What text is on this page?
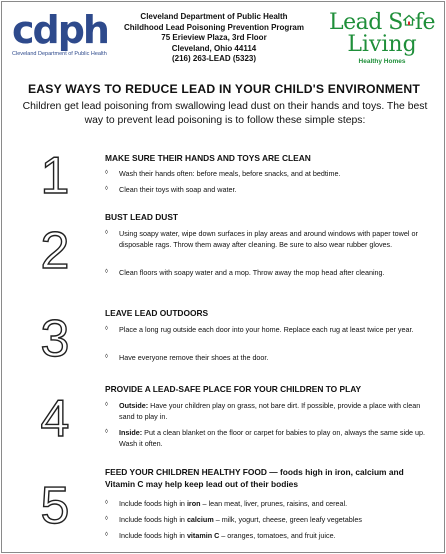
cdph
Cleveland Department of Public Health
Cleveland Department of Public Health
Childhood Lead Poisoning Prevention Program
75 Erieview Plaza, 3rd Floor
Cleveland, Ohio 44114
(216) 263-LEAD (5323)
Lead S fe
Living
Healthy Homes
EASY WAYS TO REDUCE LEAD IN YOUR CHILD'S ENVIRONMENT
Children get lead poisoning from swallowing lead dust on their hands and toys. The best way to prevent lead poisoning is to follow these simple steps:
1	MAKE SURE THEIR HANDS AND TOYS ARE CLEAN
◊	Wash their hands often: before meals, before snacks, and at bedtime.
◊	Clean their toys with soap and water.
2
BUST LEAD DUST
◊	Using soapy water, wipe down surfaces in play areas and around windows with paper towel or disposable rags. Throw them away after cleaning. Be sure to also wear rubber gloves.
◊	Clean floors with soapy water and a mop. Throw away the mop head after cleaning.
3	LEAVE LEAD OUTDOORS
◊	Place a long rug outside each door into your home. Replace each rug at least twice per year.
◊	Have everyone remove their shoes at the door.
4
PROVIDE A LEAD-SAFE PLACE FOR YOUR CHILDREN TO PLAY
◊	Outside: Have your children play on grass, not bare dirt. If possible, provide a place with clean sand to play in.
◊	Inside: Put a clean blanket on the floor or carpet for babies to play on, always the same side up. Wash it often.
5
FEED YOUR CHILDREN HEALTHY FOOD — foods high in iron, calcium and Vitamin C may help keep lead out of their bodies
◊	Include foods high in iron – lean meat, liver, prunes, raisins, and cereal.
◊	Include foods high in calcium – milk, yogurt, cheese, green leafy vegetables
◊	Include foods high in vitamin C – oranges, tomatoes, and fruit juice.
